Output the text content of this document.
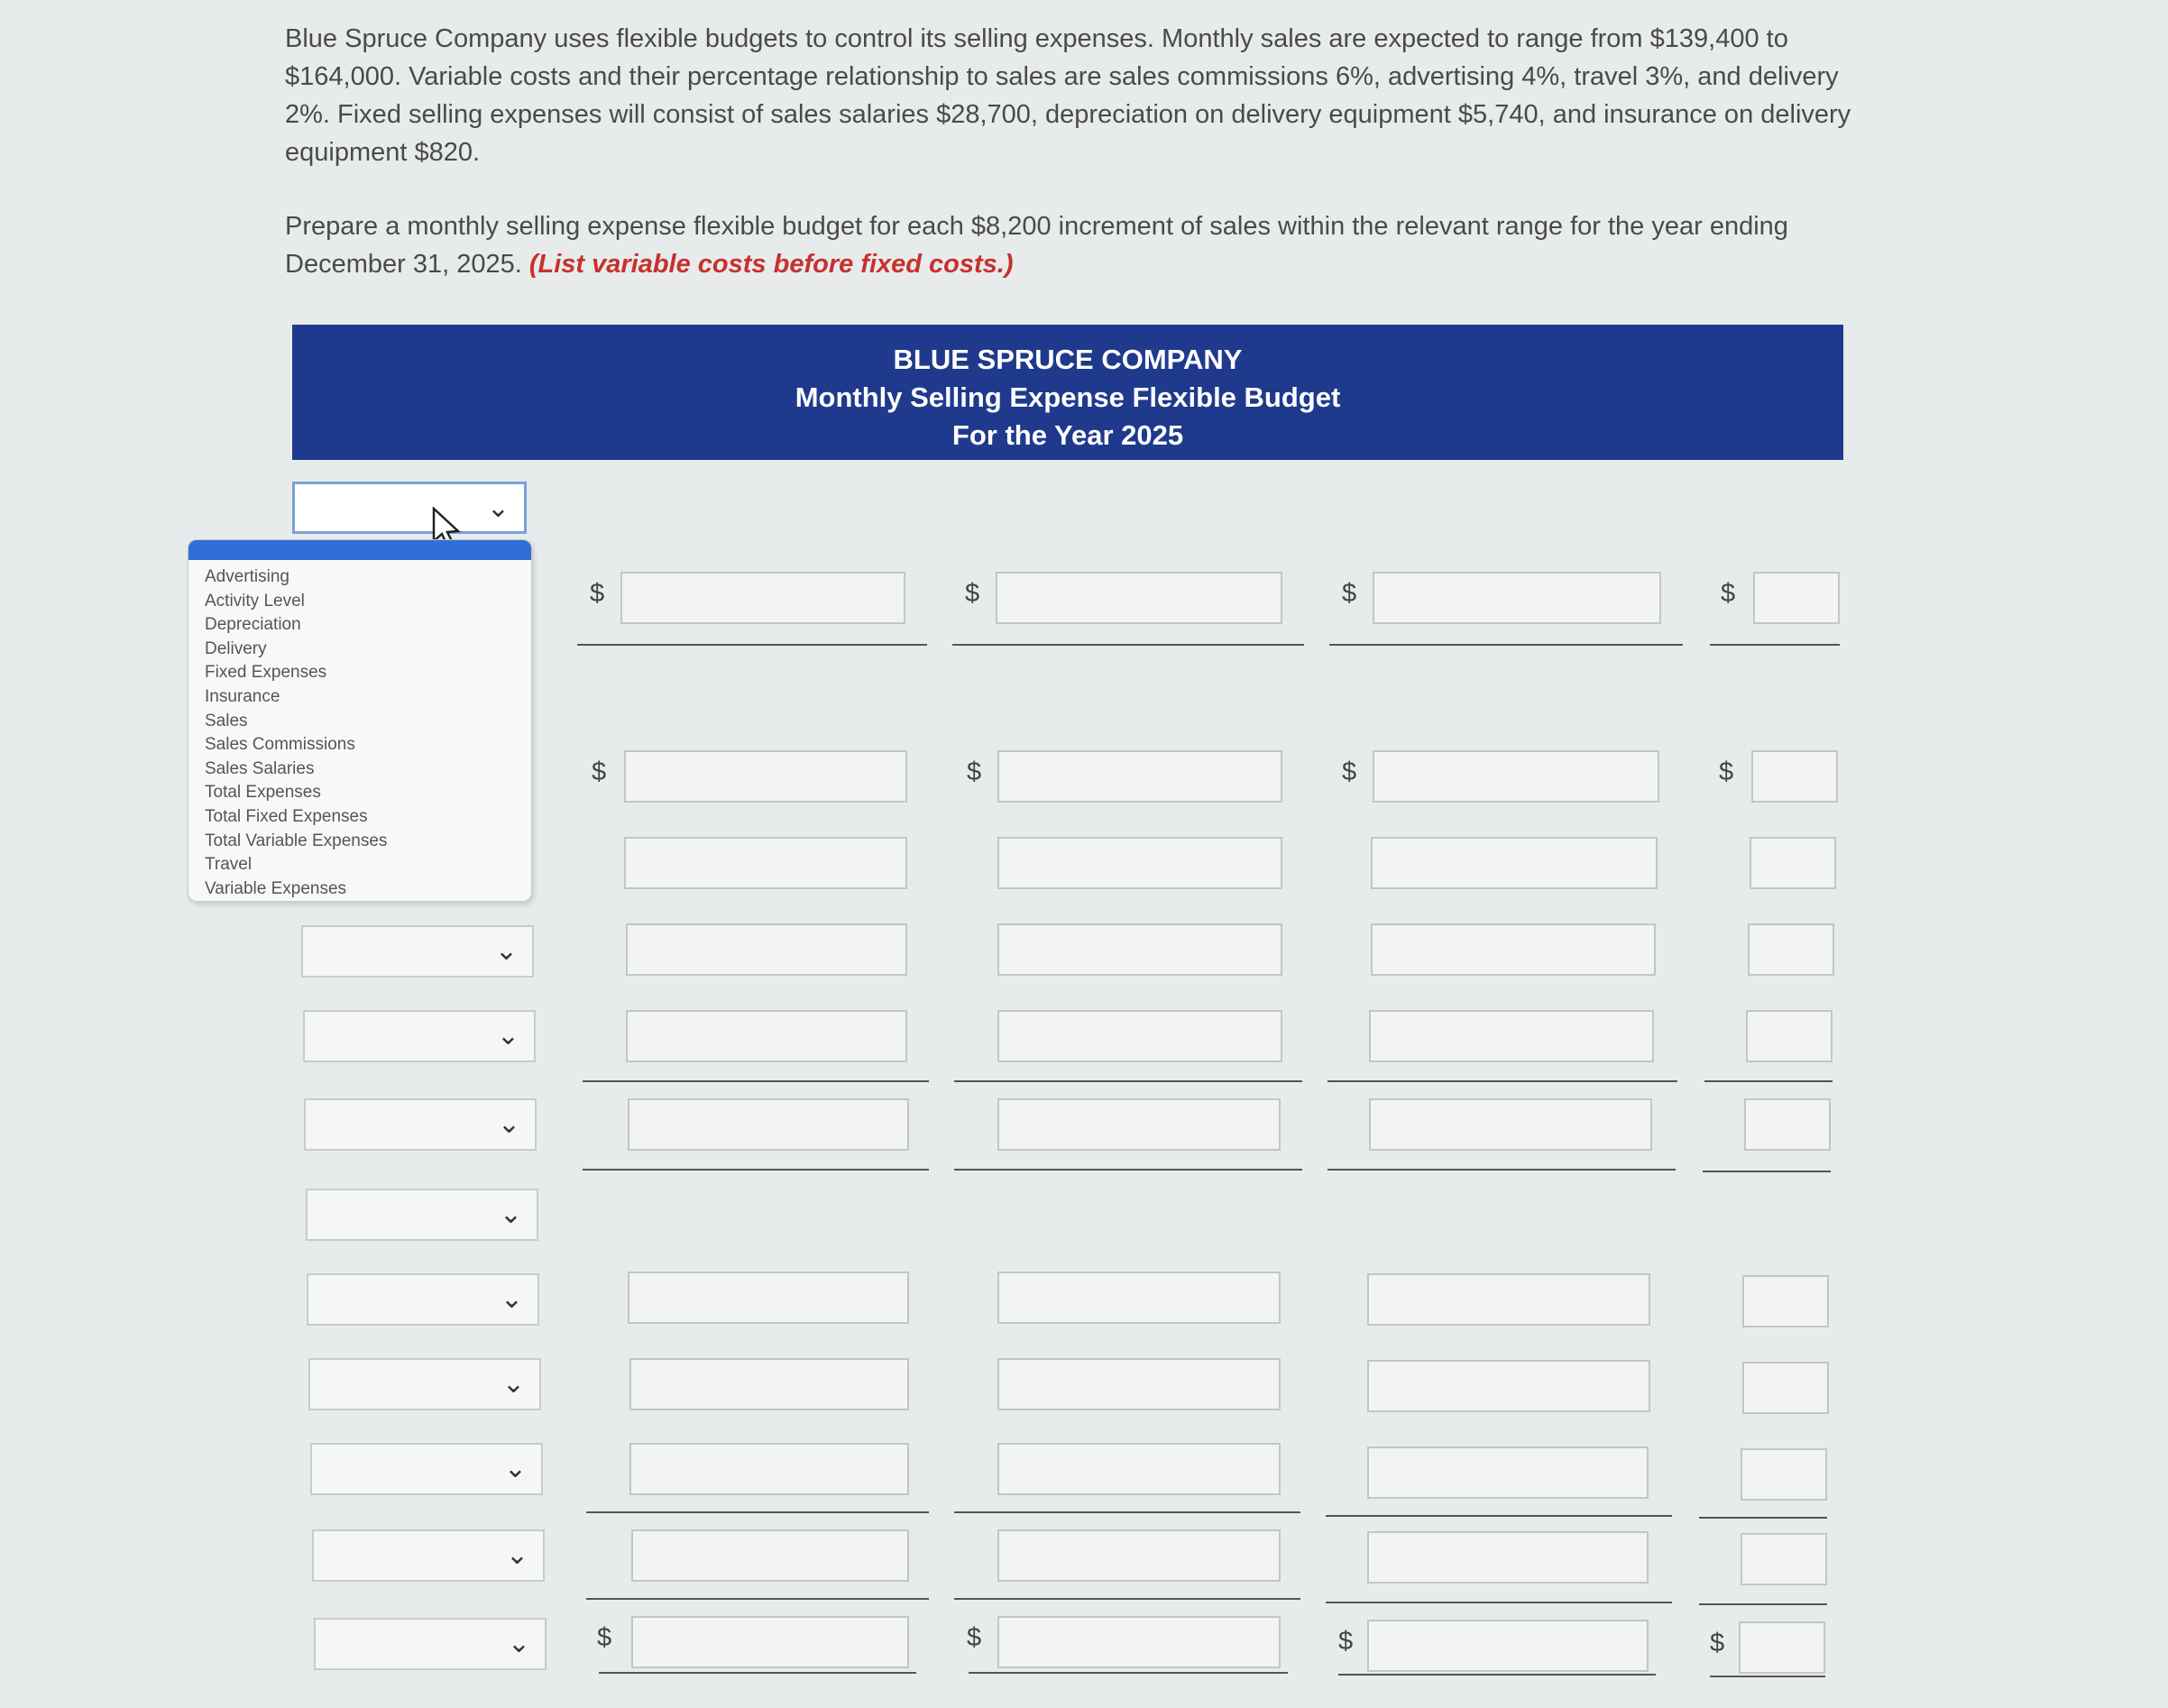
Blue Spruce Company uses flexible budgets to control its selling expenses. Monthly sales are expected to range from $139,400 to $164,000. Variable costs and their percentage relationship to sales are sales commissions 6%, advertising 4%, travel 3%, and delivery 2%. Fixed selling expenses will consist of sales salaries $28,700, depreciation on delivery equipment $5,740, and insurance on delivery equipment $820.

Prepare a monthly selling expense flexible budget for each $8,200 increment of sales within the relevant range for the year ending December 31, 2025. (List variable costs before fixed costs.)

BLUE SPRUCE COMPANY
Monthly Selling Expense Flexible Budget
For the Year 2025
⌄
⌄
⌄
⌄
⌄
⌄
⌄
⌄
⌄
⌄
$
$
$
$
$
$
$
$
$
$
$
$
Advertising
Activity Level
Depreciation
Delivery
Fixed Expenses
Insurance
Sales
Sales Commissions
Sales Salaries
Total Expenses
Total Fixed Expenses
Total Variable Expenses
Travel
Variable Expenses
